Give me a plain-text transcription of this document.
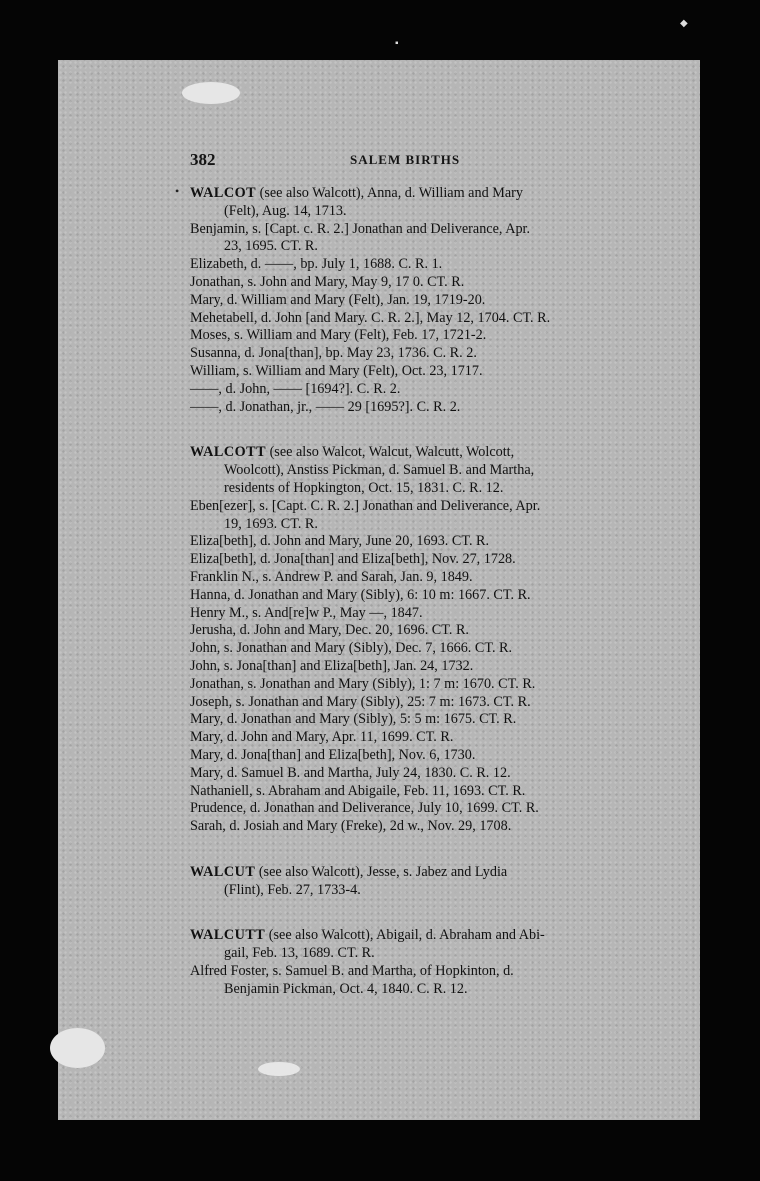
▪
◆
382	SALEM BIRTHS
• WALCOT (see also Walcott), Anna, d. William and Mary
(Felt), Aug. 14, 1713.
Benjamin, s. [Capt. c. R. 2.] Jonathan and Deliverance, Apr.
23, 1695. CT. R.
Elizabeth, d. ——, bp. July 1, 1688. C. R. 1.
Jonathan, s. John and Mary, May 9, 17 0. CT. R.
Mary, d. William and Mary (Felt), Jan. 19, 1719-20.
Mehetabell, d. John [and Mary. C. R. 2.], May 12, 1704. CT. R.
Moses, s. William and Mary (Felt), Feb. 17, 1721-2.
Susanna, d. Jona[than], bp. May 23, 1736. C. R. 2.
William, s. William and Mary (Felt), Oct. 23, 1717.
——, d. John, —— [1694?]. C. R. 2.
——, d. Jonathan, jr., —— 29 [1695?]. C. R. 2.
WALCOTT (see also Walcot, Walcut, Walcutt, Wolcott,
Woolcott), Anstiss Pickman, d. Samuel B. and Martha,
residents of Hopkington, Oct. 15, 1831. C. R. 12.
Eben[ezer], s. [Capt. C. R. 2.] Jonathan and Deliverance, Apr.
19, 1693. CT. R.
Eliza[beth], d. John and Mary, June 20, 1693. CT. R.
Eliza[beth], d. Jona[than] and Eliza[beth], Nov. 27, 1728.
Franklin N., s. Andrew P. and Sarah, Jan. 9, 1849.
Hanna, d. Jonathan and Mary (Sibly), 6: 10 m: 1667. CT. R.
Henry M., s. And[re]w P., May —, 1847.
Jerusha, d. John and Mary, Dec. 20, 1696. CT. R.
John, s. Jonathan and Mary (Sibly), Dec. 7, 1666. CT. R.
John, s. Jona[than] and Eliza[beth], Jan. 24, 1732.
Jonathan, s. Jonathan and Mary (Sibly), 1: 7 m: 1670. CT. R.
Joseph, s. Jonathan and Mary (Sibly), 25: 7 m: 1673. CT. R.
Mary, d. Jonathan and Mary (Sibly), 5: 5 m: 1675. CT. R.
Mary, d. John and Mary, Apr. 11, 1699. CT. R.
Mary, d. Jona[than] and Eliza[beth], Nov. 6, 1730.
Mary, d. Samuel B. and Martha, July 24, 1830. C. R. 12.
Nathaniell, s. Abraham and Abigaile, Feb. 11, 1693. CT. R.
Prudence, d. Jonathan and Deliverance, July 10, 1699. CT. R.
Sarah, d. Josiah and Mary (Freke), 2d w., Nov. 29, 1708.
WALCUT (see also Walcott), Jesse, s. Jabez and Lydia
(Flint), Feb. 27, 1733-4.
WALCUTT (see also Walcott), Abigail, d. Abraham and Abi-
gail, Feb. 13, 1689. CT. R.
Alfred Foster, s. Samuel B. and Martha, of Hopkinton, d.
Benjamin Pickman, Oct. 4, 1840. C. R. 12.
